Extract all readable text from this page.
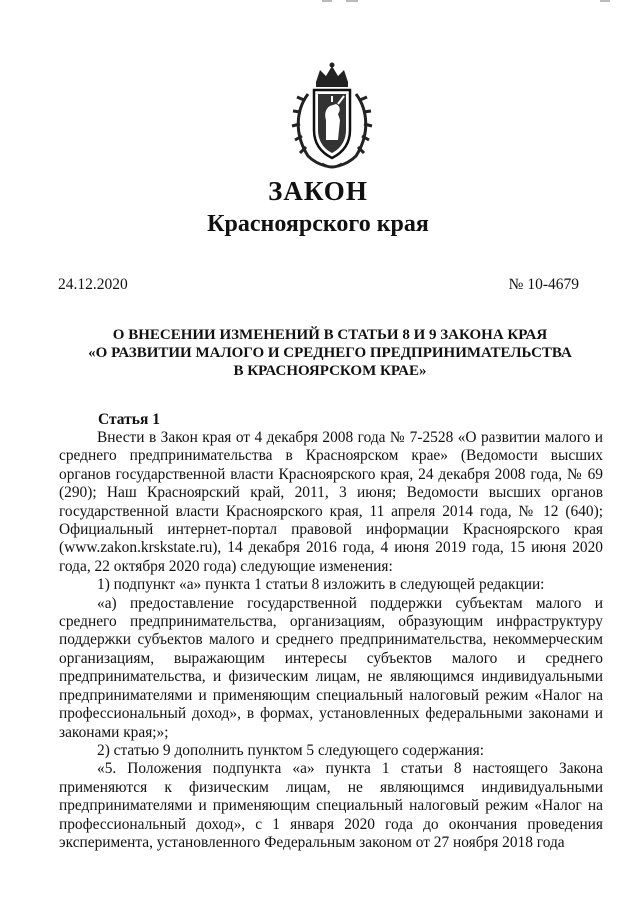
ЗАКОН
Красноярского края
24.12.2020	№ 10-4679
О ВНЕСЕНИИ ИЗМЕНЕНИЙ В СТАТЬИ 8 И 9 ЗАКОНА КРАЯ
«О РАЗВИТИИ МАЛОГО И СРЕДНЕГО ПРЕДПРИНИМАТЕЛЬСТВА
В КРАСНОЯРСКОМ КРАЕ»
Статья 1

Внести в Закон края от 4 декабря 2008 года № 7-2528 «О развитии малого и среднего предпринимательства в Красноярском крае» (Ведомости высших органов государственной власти Красноярского края, 24 декабря 2008 года, № 69 (290); Наш Красноярский край, 2011, 3 июня; Ведомости высших органов государственной власти Красноярского края, 11 апреля 2014 года, № 12 (640); Официальный интернет-портал правовой информации Красноярского края (www.zakon.krskstate.ru), 14 декабря 2016 года, 4 июня 2019 года, 15 июня 2020 года, 22 октября 2020 года) следующие изменения:

1) подпункт «а» пункта 1 статьи 8 изложить в следующей редакции:

«а) предоставление государственной поддержки субъектам малого и среднего предпринимательства, организациям, образующим инфраструктуру поддержки субъектов малого и среднего предпринимательства, некоммерческим организациям, выражающим интересы субъектов малого и среднего предпринимательства, и физическим лицам, не являющимся индивидуальными предпринимателями и применяющим специальный налоговый режим «Налог на профессиональный доход», в формах, установленных федеральными законами и законами края;»;

2) статью 9 дополнить пунктом 5 следующего содержания:

«5. Положения подпункта «а» пункта 1 статьи 8 настоящего Закона применяются к физическим лицам, не являющимся индивидуальными предпринимателями и применяющим специальный налоговый режим «Налог на профессиональный доход», с 1 января 2020 года до окончания проведения эксперимента, установленного Федеральным законом от 27 ноября 2018 года
